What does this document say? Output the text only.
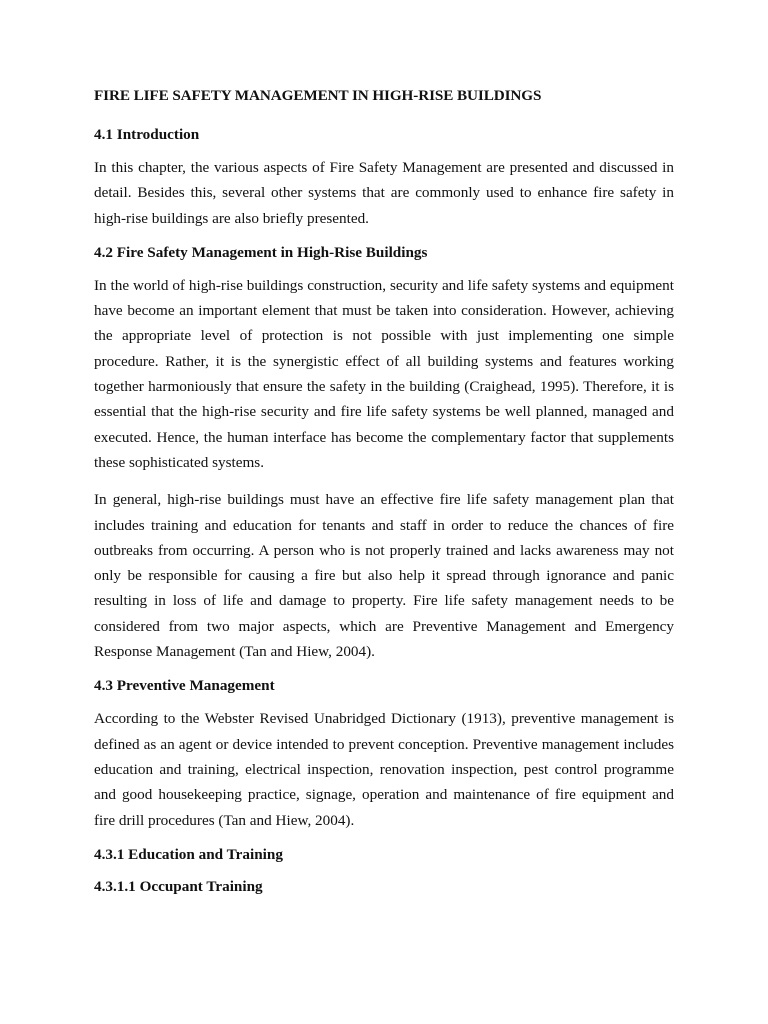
FIRE LIFE SAFETY MANAGEMENT IN HIGH-RISE BUILDINGS
4.1 Introduction

In this chapter, the various aspects of Fire Safety Management are presented and discussed in detail. Besides this, several other systems that are commonly used to enhance fire safety in high-rise buildings are also briefly presented.

4.2 Fire Safety Management in High-Rise Buildings

In the world of high-rise buildings construction, security and life safety systems and equipment have become an important element that must be taken into consideration. However, achieving the appropriate level of protection is not possible with just implementing one simple procedure. Rather, it is the synergistic effect of all building systems and features working together harmoniously that ensure the safety in the building (Craighead, 1995). Therefore, it is essential that the high-rise security and fire life safety systems be well planned, managed and executed. Hence, the human interface has become the complementary factor that supplements these sophisticated systems.

In general, high-rise buildings must have an effective fire life safety management plan that includes training and education for tenants and staff in order to reduce the chances of fire outbreaks from occurring. A person who is not properly trained and lacks awareness may not only be responsible for causing a fire but also help it spread through ignorance and panic resulting in loss of life and damage to property. Fire life safety management needs to be considered from two major aspects, which are Preventive Management and Emergency Response Management (Tan and Hiew, 2004).

4.3 Preventive Management

According to the Webster Revised Unabridged Dictionary (1913), preventive management is defined as an agent or device intended to prevent conception. Preventive management includes education and training, electrical inspection, renovation inspection, pest control programme and good housekeeping practice, signage, operation and maintenance of fire equipment and fire drill procedures (Tan and Hiew, 2004).

4.3.1 Education and Training
4.3.1.1 Occupant Training
